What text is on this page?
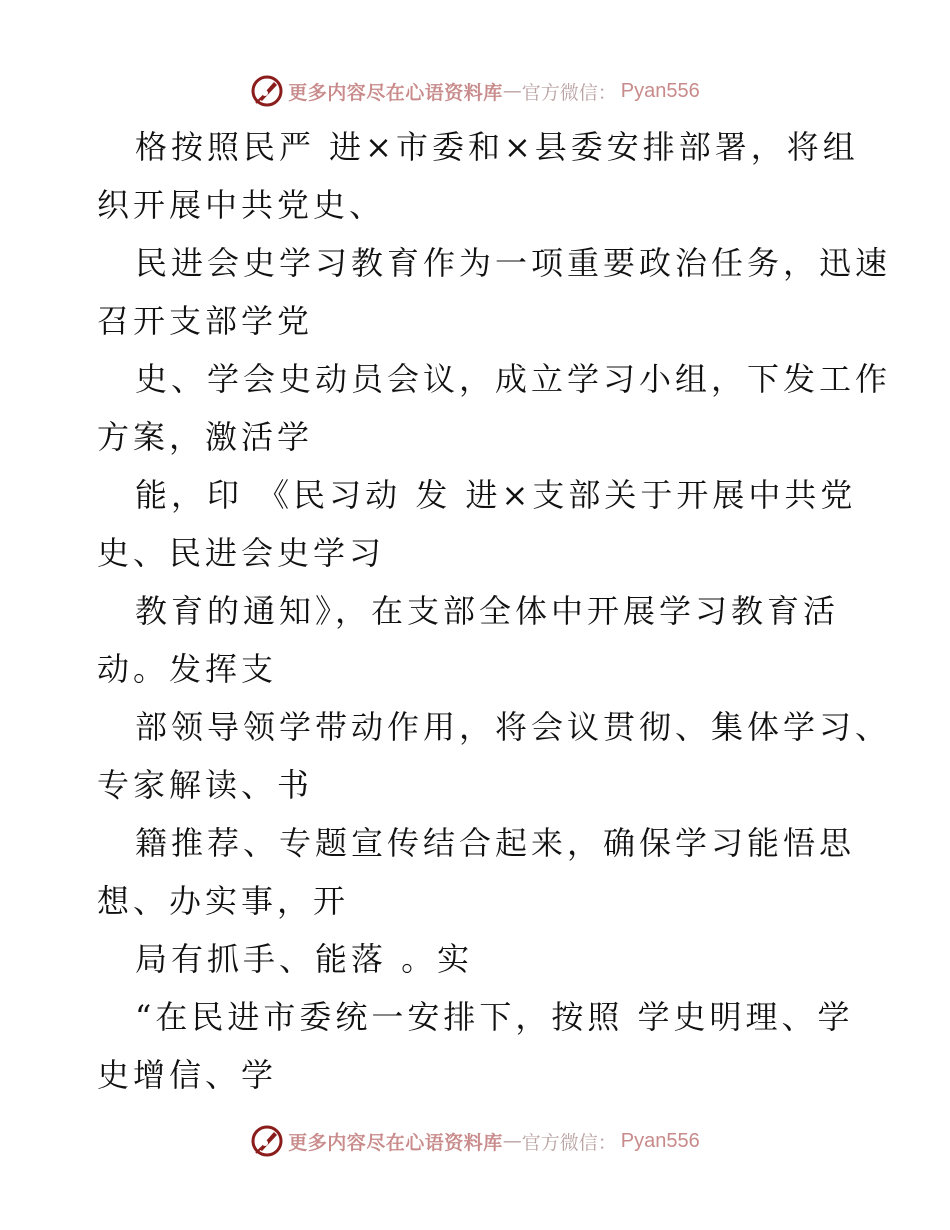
更多内容尽在心语资料库 — 官方微信： Pyan556
格按照民严 进×市委和×县委安排部署，将组
织开展中共党史、
民进会史学习教育作为一项重要政治任务，迅速
召开支部学党
史、学会史动员会议，成立学习小组，下发工作
方案，激活学
能，印 《民习动 发 进×支部关于开展中共党
史、民进会史学习
教育的通知》，在支部全体中开展学习教育活
动。发挥支
部领导领学带动作用，将会议贯彻、集体学习、
专家解读、书
籍推荐、专题宣传结合起来，确保学习能悟思
想、办实事，开
局有抓手、能落 。实
“在民进市委统一安排下，按照 学史明理、学
史增信、学
更多内容尽在心语资料库 — 官方微信： Pyan556
